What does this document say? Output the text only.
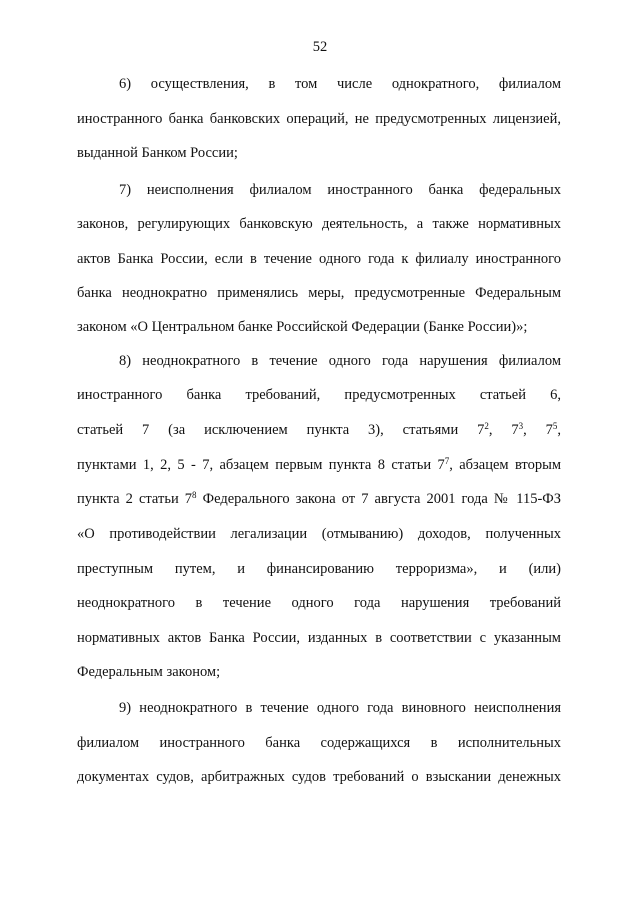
52
6) осуществления, в том числе однократного, филиалом
иностранного банка банковских операций, не предусмотренных лицензией,
выданной Банком России;
7) неисполнения филиалом иностранного банка федеральных
законов, регулирующих банковскую деятельность, а также нормативных
актов Банка России, если в течение одного года к филиалу иностранного
банка неоднократно применялись меры, предусмотренные Федеральным
законом «О Центральном банке Российской Федерации (Банке России)»;
8) неоднократного в течение одного года нарушения филиалом
иностранного банка требований, предусмотренных статьей 6,
статьей 7 (за исключением пункта 3), статьями $7^2$, $7^3$, $7^5$,
пунктами 1, 2, 5 - 7, абзацем первым пункта 8 статьи $7^7$, абзацем вторым
пункта 2 статьи $7^8$ Федерального закона от 7 августа 2001 года № 115-ФЗ
«О противодействии легализации (отмыванию) доходов, полученных
преступным путем, и финансированию терроризма», и (или)
неоднократного в течение одного года нарушения требований
нормативных актов Банка России, изданных в соответствии с указанным
Федеральным законом;
9) неоднократного в течение одного года виновного неисполнения
филиалом иностранного банка содержащихся в исполнительных
документах судов, арбитражных судов требований о взыскании денежных
